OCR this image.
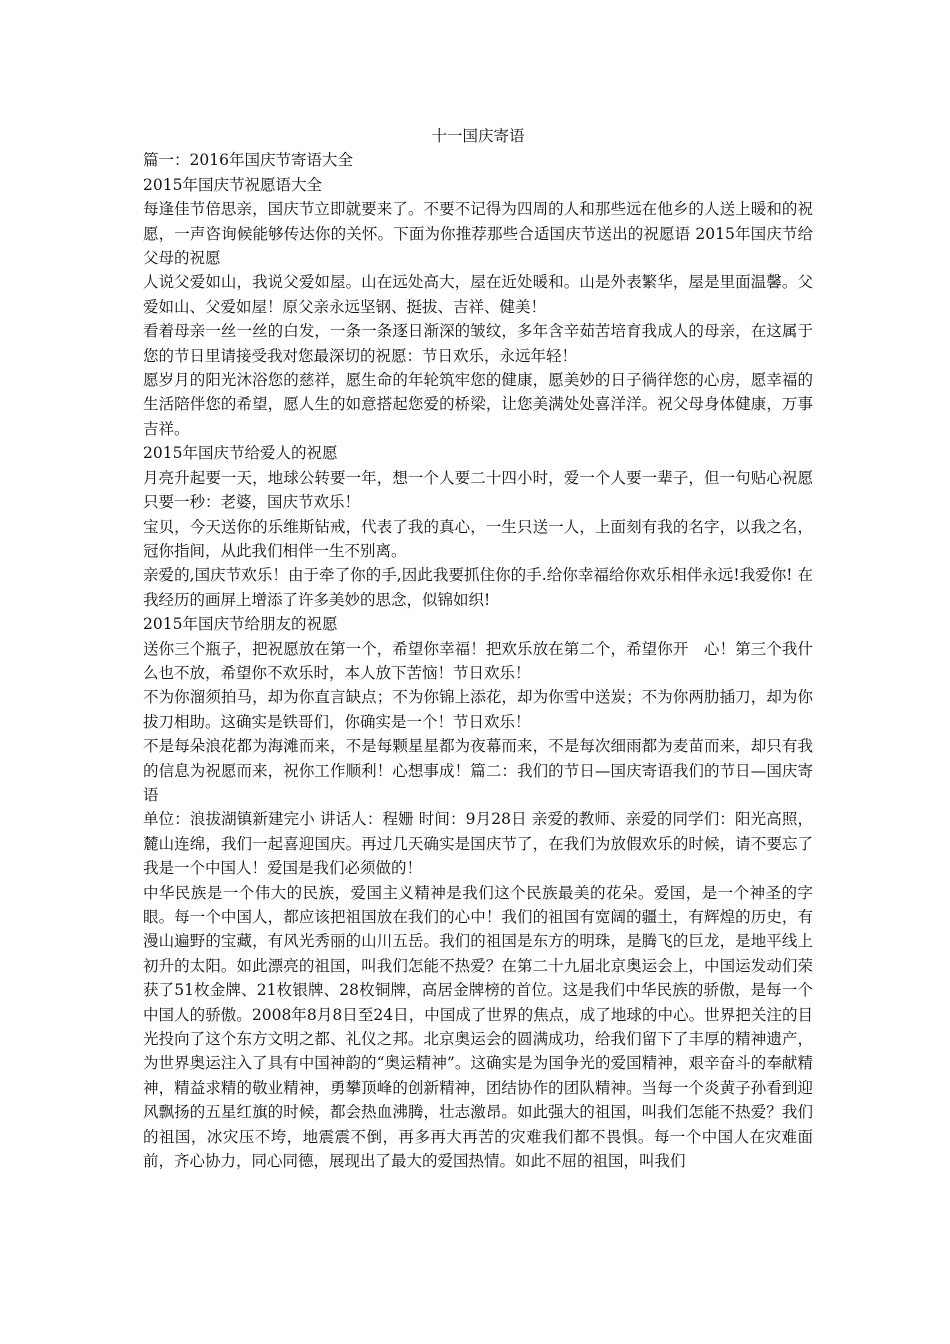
十一国庆寄语

篇一：2016年国庆节寄语大全

2015年国庆节祝愿语大全

每逢佳节倍思亲，国庆节立即就要来了。不要不记得为四周的人和那些远在他乡的人送上暖和的祝愿，一声咨询候能够传达你的关怀。下面为你推荐那些合适国庆节送出的祝愿语 2015年国庆节给父母的祝愿

人说父爱如山，我说父爱如屋。山在远处高大，屋在近处暖和。山是外表繁华，屋是里面温馨。父爱如山、父爱如屋！原父亲永远坚钢、挺拔、吉祥、健美！

看着母亲一丝一丝的白发，一条一条逐日渐深的皱纹，多年含辛茹苦培育我成人的母亲，在这属于您的节日里请接受我对您最深切的祝愿：节日欢乐，永远年轻！

愿岁月的阳光沐浴您的慈祥，愿生命的年轮筑牢您的健康，愿美妙的日子徜徉您的心房，愿幸福的生活陪伴您的希望，愿人生的如意搭起您爱的桥梁，让您美满处处喜洋洋。祝父母身体健康，万事吉祥。

2015年国庆节给爱人的祝愿

月亮升起要一天，地球公转要一年，想一个人要二十四小时，爱一个人要一辈子，但一句贴心祝愿只要一秒：老婆，国庆节欢乐！

宝贝，今天送你的乐维斯钻戒，代表了我的真心，一生只送一人，上面刻有我的名字，以我之名，冠你指间，从此我们相伴一生不别离。

亲爱的,国庆节欢乐！由于牵了你的手,因此我要抓住你的手.给你幸福给你欢乐相伴永远!我爱你! 在我经历的画屏上增添了许多美妙的思念，似锦如织!

2015年国庆节给朋友的祝愿

送你三个瓶子，把祝愿放在第一个，希望你幸福！把欢乐放在第二个，希望你开　心！第三个我什么也不放，希望你不欢乐时，本人放下苦恼！节日欢乐！

不为你溜须拍马，却为你直言缺点；不为你锦上添花，却为你雪中送炭；不为你两肋插刀，却为你拔刀相助。这确实是铁哥们，你确实是一个！节日欢乐！

不是每朵浪花都为海滩而来，不是每颗星星都为夜幕而来，不是每次细雨都为麦苗而来，却只有我的信息为祝愿而来，祝你工作顺利！心想事成！篇二：我们的节日—国庆寄语我们的节日—国庆寄语

单位：浪拔湖镇新建完小 讲话人：程姗 时间：9月28日 亲爱的教师、亲爱的同学们：阳光高照，麓山连绵，我们一起喜迎国庆。再过几天确实是国庆节了，在我们为放假欢乐的时候，请不要忘了我是一个中国人！爱国是我们必须做的！

中华民族是一个伟大的民族，爱国主义精神是我们这个民族最美的花朵。爱国，是一个神圣的字眼。每一个中国人，都应该把祖国放在我们的心中！我们的祖国有宽阔的疆土，有辉煌的历史，有漫山遍野的宝藏，有风光秀丽的山川五岳。我们的祖国是东方的明珠，是腾飞的巨龙，是地平线上初升的太阳。如此漂亮的祖国，叫我们怎能不热爱？在第二十九届北京奥运会上，中国运发动们荣获了51枚金牌、21枚银牌、28枚铜牌，高居金牌榜的首位。这是我们中华民族的骄傲，是每一个中国人的骄傲。2008年8月8日至24日，中国成了世界的焦点，成了地球的中心。世界把关注的目光投向了这个东方文明之都、礼仪之邦。北京奥运会的圆满成功，给我们留下了丰厚的精神遗产，为世界奥运注入了具有中国神韵的“奥运精神”。这确实是为国争光的爱国精神，艰辛奋斗的奉献精神，精益求精的敬业精神，勇攀顶峰的创新精神，团结协作的团队精神。当每一个炎黄子孙看到迎风飘扬的五星红旗的时候，都会热血沸腾，壮志激昂。如此强大的祖国，叫我们怎能不热爱？我们的祖国，冰灾压不垮，地震震不倒，再多再大再苦的灾难我们都不畏惧。每一个中国人在灾难面前，齐心协力，同心同德，展现出了最大的爱国热情。如此不屈的祖国，叫我们
